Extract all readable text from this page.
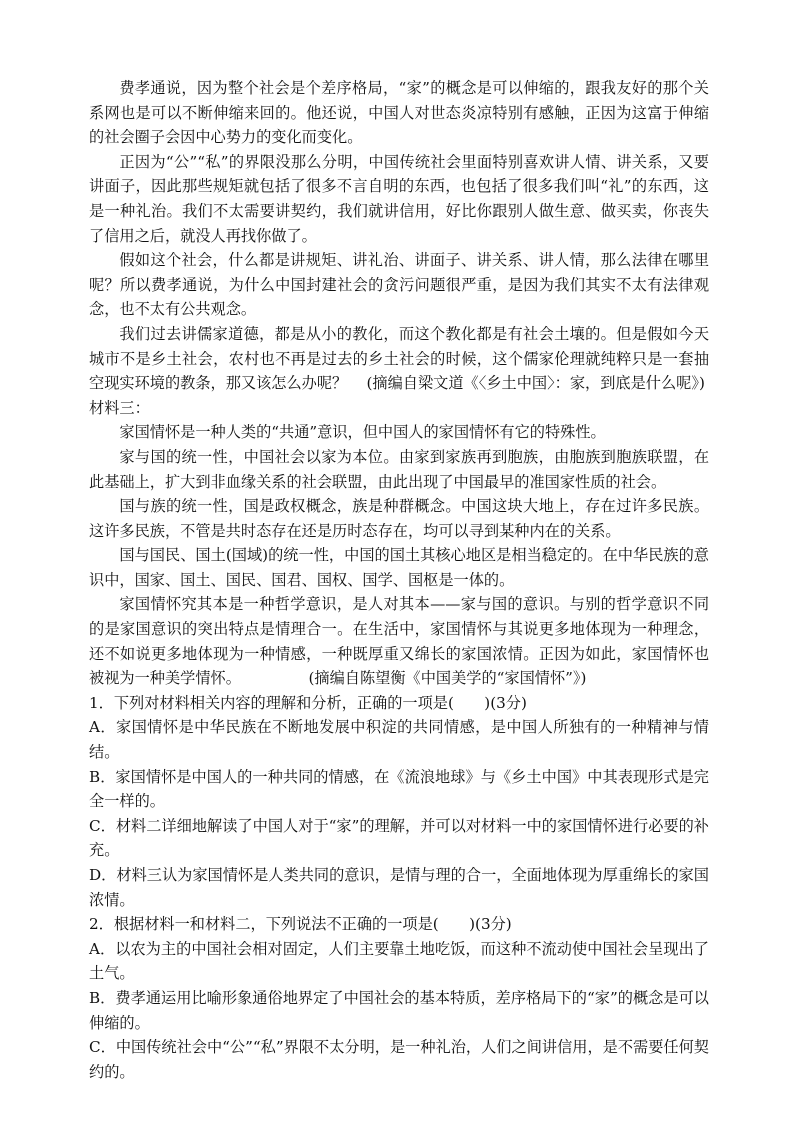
费孝通说，因为整个社会是个差序格局，“家”的概念是可以伸缩的，跟我友好的那个关系网也是可以不断伸缩来回的。他还说，中国人对世态炎凉特别有感触，正因为这富于伸缩的社会圈子会因中心势力的变化而变化。

正因为“公”“私”的界限没那么分明，中国传统社会里面特别喜欢讲人情、讲关系，又要讲面子，因此那些规矩就包括了很多不言自明的东西，也包括了很多我们叫“礼”的东西，这是一种礼治。我们不太需要讲契约，我们就讲信用，好比你跟别人做生意、做买卖，你丧失了信用之后，就没人再找你做了。

假如这个社会，什么都是讲规矩、讲礼治、讲面子、讲关系、讲人情，那么法律在哪里呢？所以费孝通说，为什么中国封建社会的贪污问题很严重，是因为我们其实不太有法律观念，也不太有公共观念。

我们过去讲儒家道德，都是从小的教化，而这个教化都是有社会土壤的。但是假如今天城市不是乡土社会，农村也不再是过去的乡土社会的时候，这个儒家伦理就纯粹只是一套抽空现实环境的教条，那又该怎么办呢？ (摘编自梁文道《〈乡土中国〉：家，到底是什么呢》)

材料三：

家国情怀是一种人类的“共通”意识，但中国人的家国情怀有它的特殊性。

家与国的统一性，中国社会以家为本位。由家到家族再到胞族，由胞族到胞族联盟，在此基础上，扩大到非血缘关系的社会联盟，由此出现了中国最早的准国家性质的社会。

国与族的统一性，国是政权概念，族是种群概念。中国这块大地上，存在过许多民族。这许多民族，不管是共时态存在还是历时态存在，均可以寻到某种内在的关系。

国与国民、国土(国域)的统一性，中国的国土其核心地区是相当稳定的。在中华民族的意识中，国家、国土、国民、国君、国权、国学、国枢是一体的。

家国情怀究其本是一种哲学意识，是人对其本——家与国的意识。与别的哲学意识不同的是家国意识的突出特点是情理合一。在生活中，家国情怀与其说更多地体现为一种理念，还不如说更多地体现为一种情感，一种既厚重又绵长的家国浓情。正因为如此，家国情怀也被视为一种美学情怀。	(摘编自陈望衡《中国美学的“家国情怀”》)

1．下列对材料相关内容的理解和分析，正确的一项是(　　)(3分)

A．家国情怀是中华民族在不断地发展中积淀的共同情感，是中国人所独有的一种精神与情结。

B．家国情怀是中国人的一种共同的情感，在《流浪地球》与《乡土中国》中其表现形式是完全一样的。

C．材料二详细地解读了中国人对于“家”的理解，并可以对材料一中的家国情怀进行必要的补充。

D．材料三认为家国情怀是人类共同的意识，是情与理的合一，全面地体现为厚重绵长的家国浓情。

2．根据材料一和材料二，下列说法不正确的一项是(　　)(3分)

A．以农为主的中国社会相对固定，人们主要靠土地吃饭，而这种不流动使中国社会呈现出了土气。

B．费孝通运用比喻形象通俗地界定了中国社会的基本特质，差序格局下的“家”的概念是可以伸缩的。

C．中国传统社会中“公”“私”界限不太分明，是一种礼治，人们之间讲信用，是不需要任何契约的。
